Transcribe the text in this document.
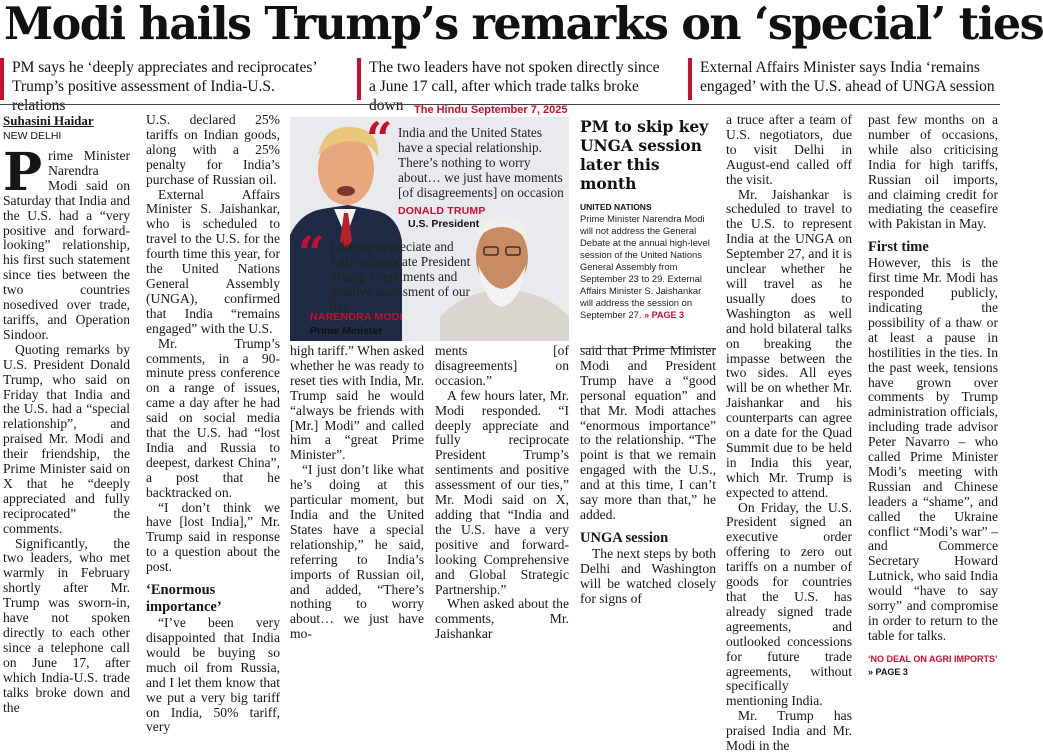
Modi hails Trump’s remarks on ‘special’ ties
PM says he ‘deeply appreciates and reciprocates’ Trump’s positive assessment of India-U.S. relations
The two leaders have not spoken directly since a June 17 call, after which trade talks broke down
External Affairs Minister says India ‘remains engaged’ with the U.S. ahead of UNGA session
Suhasini Haidar
NEW DELHI

Prime Minister Narendra Modi said on Saturday that India and the U.S. had a “very positive and forward-looking” relationship, his first such statement since ties between the two countries nosedived over trade, tariffs, and Operation Sindoor.

Quoting remarks by U.S. President Donald Trump, who said on Friday that India and the U.S. had a “special relationship”, and praised Mr. Modi and their friendship, the Prime Minister said on X that he “deeply appreciated and fully reciprocated” the comments.

Significantly, the two leaders, who met warmly in February shortly after Mr. Trump was sworn-in, have not spoken directly to each other since a telephone call on June 17, after which India-U.S. trade talks broke down and the

U.S. declared 25% tariffs on Indian goods, along with a 25% penalty for India’s purchase of Russian oil.

External Affairs Minister S. Jaishankar, who is scheduled to travel to the U.S. for the fourth time this year, for the United Nations General Assembly (UNGA), confirmed that India “remains engaged” with the U.S.

Mr. Trump’s comments, in a 90-minute press conference on a range of issues, came a day after he had said on social media that the U.S. had “lost India and Russia to deepest, darkest China”, a post that he backtracked on.

“I don’t think we have [lost India],” Mr. Trump said in response to a question about the post.

‘Enormous importance’

“I’ve been very disappointed that India would be buying so much oil from Russia, and I let them know that we put a very big tariff on India, 50% tariff, very

The Hindu September 7, 2025
“ India and the United States have a special relationship. There’s nothing to worry about… we just have moments [of disagreements] on occasion
DONALD TRUMP
U.S. President
“ I deeply appreciate and fully reciprocate President Trump’s sentiments and positive assessment of our ties
NARENDRA MODI
Prime Minister

high tariff.” When asked whether he was ready to reset ties with India, Mr. Trump said he would “always be friends with [Mr.] Modi” and called him a “great Prime Minister”.

“I just don’t like what he’s doing at this particular moment, but India and the United States have a special relationship,” he said, referring to India’s imports of Russian oil, and added, “There’s nothing to worry about… we just have mo-

ments [of disagreements] on occasion.”

A few hours later, Mr. Modi responded. “I deeply appreciate and fully reciprocate President Trump’s sentiments and positive assessment of our ties,” Mr. Modi said on X, adding that “India and the U.S. have a very positive and forward-looking Comprehensive and Global Strategic Partnership.”

When asked about the comments, Mr. Jaishankar

PM to skip key UNGA session later this month
UNITED NATIONS
Prime Minister Narendra Modi will not address the General Debate at the annual high-level session of the United Nations General Assembly from September 23 to 29. External Affairs Minister S. Jaishankar will address the session on September 27. » PAGE 3

said that Prime Minister Modi and President Trump have a “good personal equation” and that Mr. Modi attaches “enormous importance” to the relationship. “The point is that we remain engaged with the U.S., and at this time, I can’t say more than that,” he added.

UNGA session

The next steps by both Delhi and Washington will be watched closely for signs of

a truce after a team of U.S. negotiators, due to visit Delhi in August-end called off the visit.

Mr. Jaishankar is scheduled to travel to the U.S. to represent India at the UNGA on September 27, and it is unclear whether he will travel as he usually does to Washington as well and hold bilateral talks on breaking the impasse between the two sides. All eyes will be on whether Mr. Jaishankar and his counterparts can agree on a date for the Quad Summit due to be held in India this year, which Mr. Trump is expected to attend.

On Friday, the U.S. President signed an executive order offering to zero out tariffs on a number of goods for countries that the U.S. has already signed trade agreements, and outlooked concessions for future trade agreements, without specifically mentioning India.

Mr. Trump has praised India and Mr. Modi in the

past few months on a number of occasions, while also criticising India for high tariffs, Russian oil imports, and claiming credit for mediating the ceasefire with Pakistan in May.

First time

However, this is the first time Mr. Modi has responded publicly, indicating the possibility of a thaw or at least a pause in hostilities in the ties. In the past week, tensions have grown over comments by Trump administration officials, including trade advisor Peter Navarro – who called Prime Minister Modi’s meeting with Russian and Chinese leaders a “shame”, and called the Ukraine conflict “Modi’s war” – and Commerce Secretary Howard Lutnick, who said India would “have to say sorry” and compromise in order to return to the table for talks.

‘NO DEAL ON AGRI IMPORTS’
» PAGE 3
